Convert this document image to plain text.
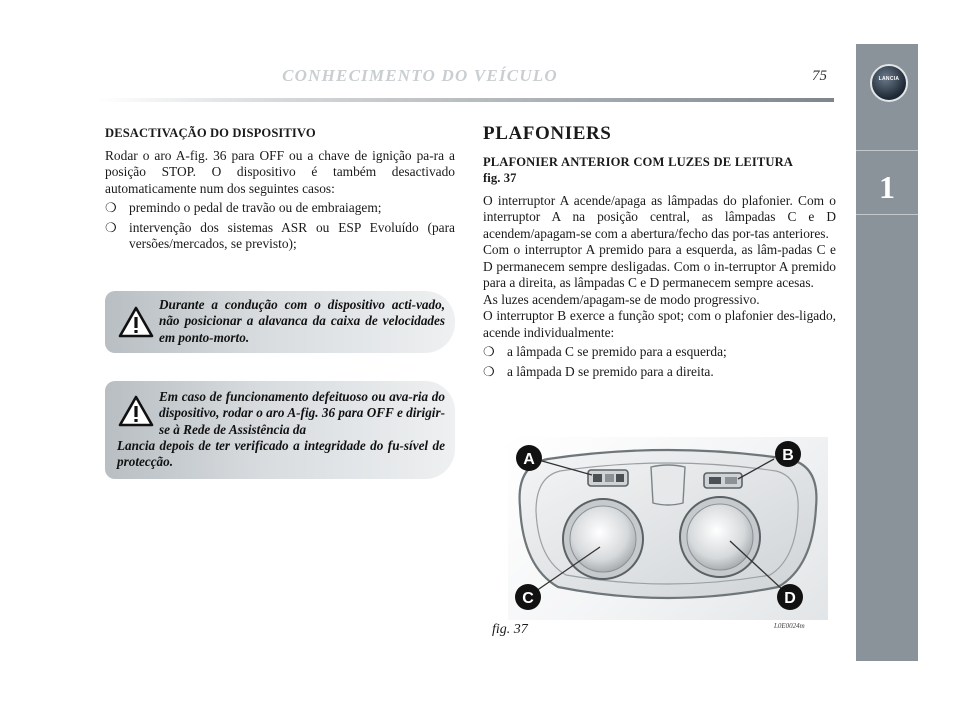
CONHECIMENTO DO VEÍCULO	75	LANCIA
1

DESACTIVAÇÃO DO DISPOSITIVO

Rodar o aro A-fig. 36 para OFF ou a chave de ignição pa-ra a posição STOP. O dispositivo é também desactivado automaticamente num dos seguintes casos:

❍ premindo o pedal de travão ou de embraiagem;
❍ intervenção dos sistemas ASR ou ESP Evoluído (para versões/mercados, se previsto);
Durante a condução com o dispositivo acti-vado, não posicionar a alavanca da caixa de velocidades em ponto-morto.
Em caso de funcionamento defeituoso ou ava-ria do dispositivo, rodar o aro A-fig. 36 para OFF e dirigir-se à Rede de Assistência da
Lancia depois de ter verificado a integridade do fu-sível de protecção.

PLAFONIERS

PLAFONIER ANTERIOR COM LUZES DE LEITURA fig. 37

O interruptor A acende/apaga as lâmpadas do plafonier. Com o interruptor A na posição central, as lâmpadas C e D acendem/apagam-se com a abertura/fecho das por-tas anteriores.

Com o interruptor A premido para a esquerda, as lâm-padas C e D permanecem sempre desligadas. Com o in-terruptor A premido para a direita, as lâmpadas C e D permanecem sempre acesas.

As luzes acendem/apagam-se de modo progressivo.

O interruptor B exerce a função spot; com o plafonier des-ligado, acende individualmente:

❍ a lâmpada C se premido para a esquerda;
❍ a lâmpada D se premido para a direita.
A	B
C	D
fig. 37	L0E0024m
